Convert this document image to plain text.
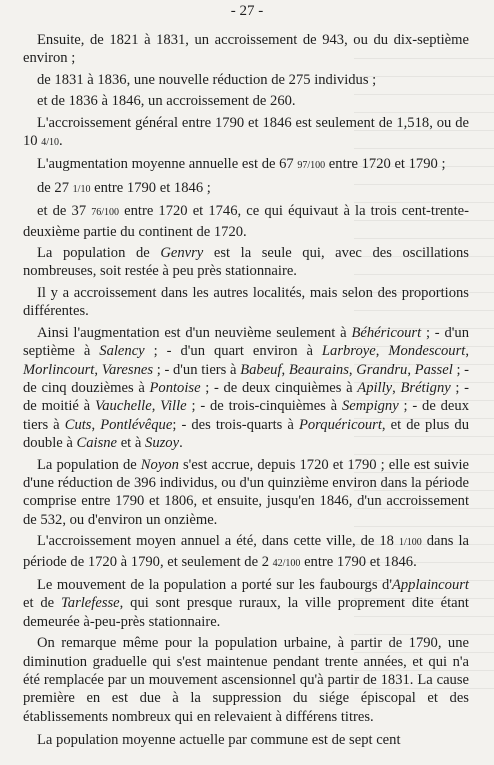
- 27 -

Ensuite, de 1821 à 1831, un accroissement de 943, ou du dix-septième environ ;

de 1831 à 1836, une nouvelle réduction de 275 individus ;

et de 1836 à 1846, un accroissement de 260.

L'accroissement général entre 1790 et 1846 est seulement de 1,518, ou de 10 4/10.

L'augmentation moyenne annuelle est de 67 97/100 entre 1720 et 1790 ;

de 27 1/10 entre 1790 et 1846 ;

et de 37 76/100 entre 1720 et 1746, ce qui équivaut à la trois cent-trente-deuxième partie du continent de 1720.

La population de Genvry est la seule qui, avec des oscillations nombreuses, soit restée à peu près stationnaire.

Il y a accroissement dans les autres localités, mais selon des proportions différentes.

Ainsi l'augmentation est d'un neuvième seulement à Béhéricourt ; - d'un septième à Salency ; - d'un quart environ à Larbroye, Mondescourt, Morlincourt, Varesnes ; - d'un tiers à Babeuf, Beaurains, Grandru, Passel ; - de cinq douzièmes à Pontoise ; - de deux cinquièmes à Apilly, Brétigny ; - de moitié à Vauchelle, Ville ; - de trois-cinquièmes à Sempigny ; - de deux tiers à Cuts, Pontlévêque; - des trois-quarts à Porquéricourt, et de plus du double à Caisne et à Suzoy.

La population de Noyon s'est accrue, depuis 1720 et 1790 ; elle est suivie d'une réduction de 396 individus, ou d'un quinzième environ dans la période comprise entre 1790 et 1806, et ensuite, jusqu'en 1846, d'un accroissement de 532, ou d'environ un onzième.

L'accroissement moyen annuel a été, dans cette ville, de 18 1/100 dans la période de 1720 à 1790, et seulement de 2 42/100 entre 1790 et 1846.

Le mouvement de la population a porté sur les faubourgs d'Applaincourt et de Tarlefesse, qui sont presque ruraux, la ville proprement dite étant demeurée à-peu-près stationnaire.

On remarque même pour la population urbaine, à partir de 1790, une diminution graduelle qui s'est maintenue pendant trente années, et qui n'a été remplacée par un mouvement ascensionnel qu'à partir de 1831. La cause première en est due à la suppression du siége épiscopal et des établissements nombreux qui en relevaient à différens titres.

La population moyenne actuelle par commune est de sept cent
